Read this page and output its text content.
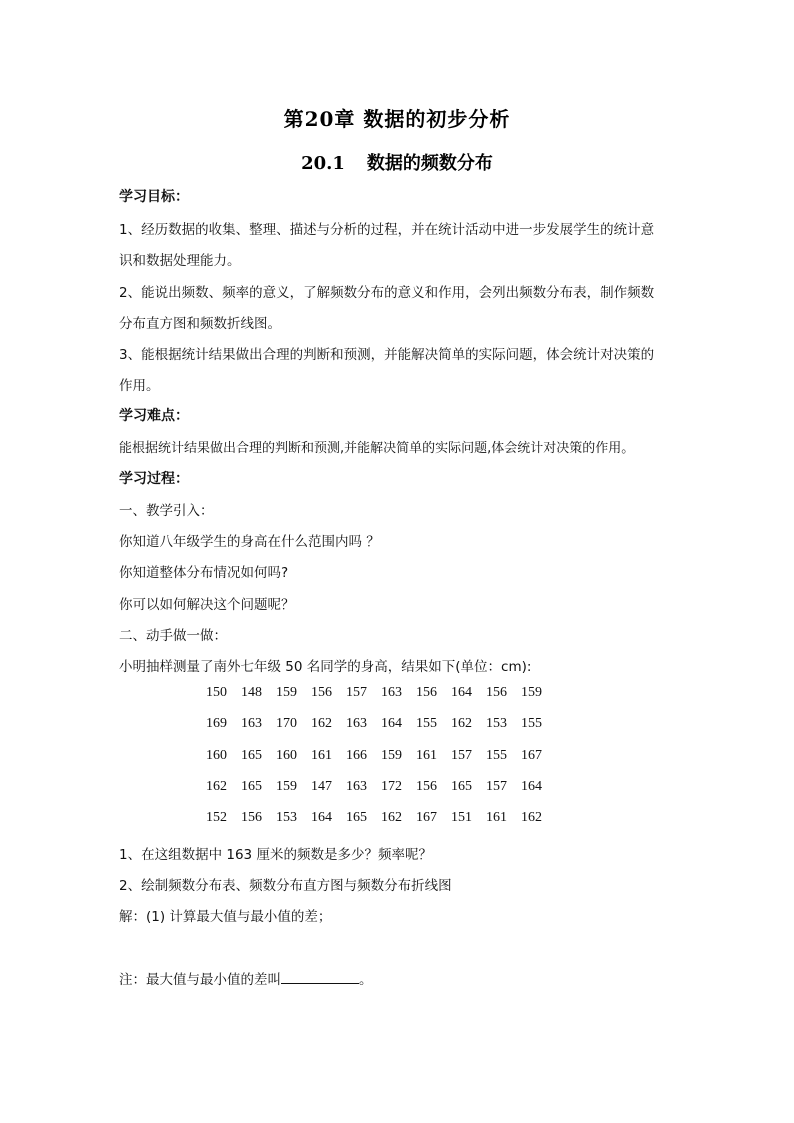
第20章 数据的初步分析
20.1 数据的频数分布
学习目标：
1、经历数据的收集、整理、描述与分析的过程，并在统计活动中进一步发展学生的统计意
识和数据处理能力。
2、能说出频数、频率的意义，了解频数分布的意义和作用，会列出频数分布表，制作频数
分布直方图和频数折线图。
3、能根据统计结果做出合理的判断和预测，并能解决简单的实际问题，体会统计对决策的
作用。
学习难点：
能根据统计结果做出合理的判断和预测,并能解决简单的实际问题,体会统计对决策的作用。
学习过程：
一、教学引入：
你知道八年级学生的身高在什么范围内吗 ？
你知道整体分布情况如何吗?
你可以如何解决这个问题呢？
二、动手做一做：
小明抽样测量了南外七年级 50 名同学的身高，结果如下(单位：cm):
150	148	159	156	157	163	156	164	156	159
169	163	170	162	163	164	155	162	153	155
160	165	160	161	166	159	161	157	155	167
162	165	159	147	163	172	156	165	157	164
152	156	153	164	165	162	167	151	161	162
1、在这组数据中 163 厘米的频数是多少？频率呢？
2、绘制频数分布表、频数分布直方图与频数分布折线图
解：(1) 计算最大值与最小值的差；
注：最大值与最小值的差叫	。
